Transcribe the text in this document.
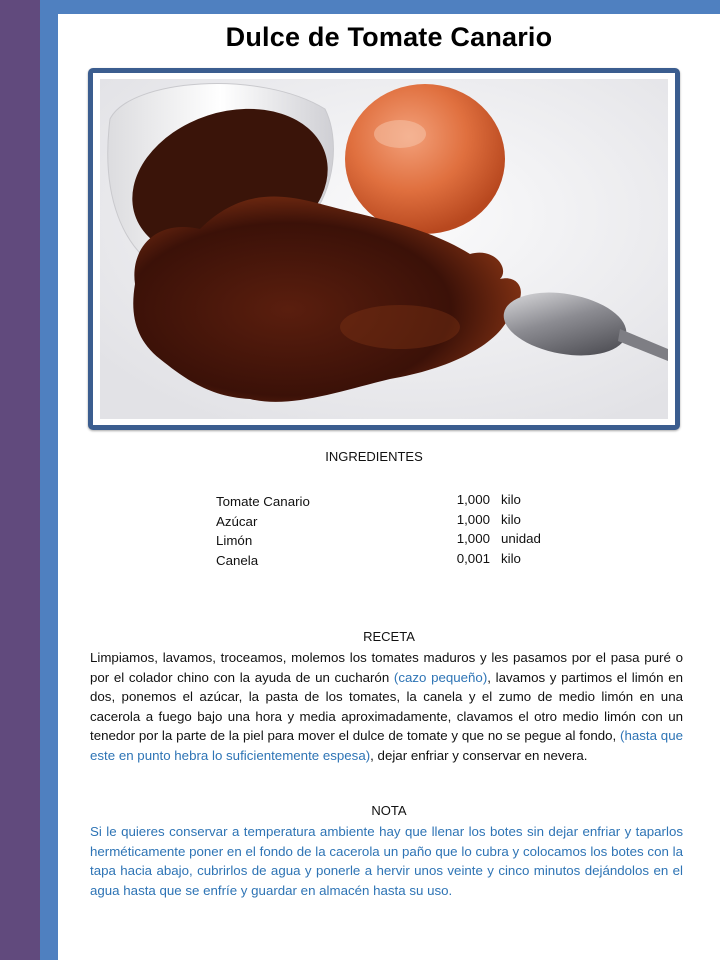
Dulce de Tomate Canario
INGREDIENTES
Tomate Canario	1,000 kilo
Azúcar	1,000 kilo
Limón	1,000 unidad
Canela	0,001 kilo
RECETA
Limpiamos, lavamos, troceamos, molemos los tomates maduros y les pasamos por el pasa puré o por el colador chino con la ayuda de un cucharón (cazo pequeño), lavamos y partimos el limón en dos, ponemos el azúcar, la pasta de los tomates, la canela y el zumo de medio limón en una cacerola a fuego bajo una hora y media aproximadamente, clavamos el otro medio limón con un tenedor por la parte de la piel para mover el dulce de tomate y que no se pegue al fondo, (hasta que este en punto hebra lo suficientemente espesa), dejar enfriar y conservar en nevera.
NOTA
Si le quieres conservar a temperatura ambiente hay que llenar los botes sin dejar enfriar y taparlos herméticamente poner en el fondo de la cacerola un paño que lo cubra y colocamos los botes con la tapa hacia abajo, cubrirlos de agua y ponerle a hervir unos veinte y cinco minutos dejándolos en el agua hasta que se enfríe y guardar en almacén hasta su uso.
